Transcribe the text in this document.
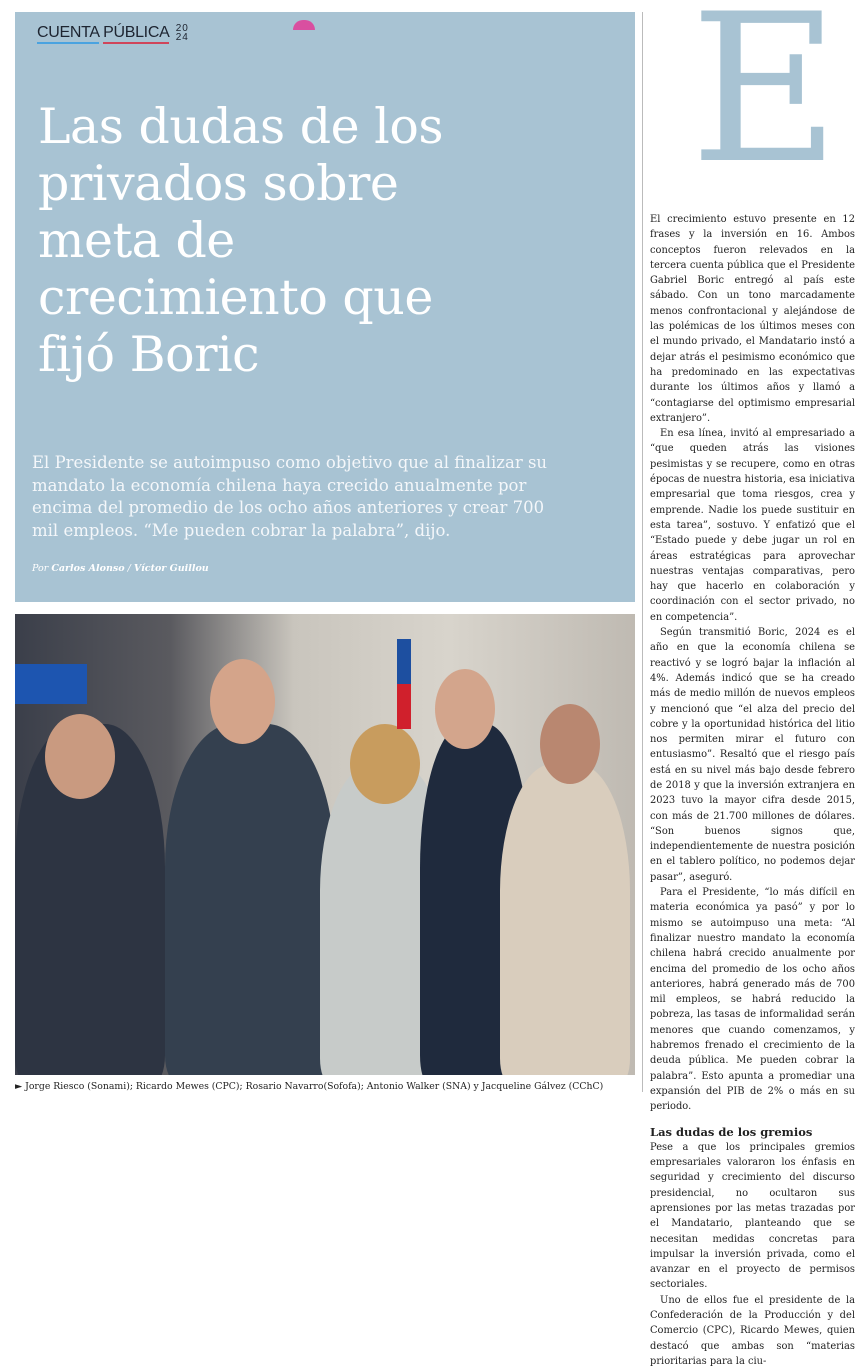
CUENTA PÚBLICA 20
24
Las dudas de los
privados sobre
meta de
crecimiento que
fijó Boric
El Presidente se autoimpuso como objetivo que al finalizar su
mandato la economía chilena haya crecido anualmente por
encima del promedio de los ocho años anteriores y crear 700
mil empleos. “Me pueden cobrar la palabra”, dijo.
Por Carlos Alonso / Víctor Guillou
► Jorge Riesco (Sonami); Ricardo Mewes (CPC); Rosario Navarro(Sofofa); Antonio Walker (SNA) y Jacqueline Gálvez (CChC)
E

El crecimiento estuvo presente en 12 frases y la inversión en 16. Ambos conceptos fueron relevados en la tercera cuenta pública que el Presidente Gabriel Boric entregó al país este sábado. Con un tono marcadamente menos confrontacional y alejándose de las polémicas de los últimos meses con el mundo privado, el Mandatario instó a dejar atrás el pesimismo económico que ha predominado en las expectativas durante los últimos años y llamó a “contagiarse del optimismo empresarial extranjero”.

En esa línea, invitó al empresariado a “que queden atrás las visiones pesimistas y se recupere, como en otras épocas de nuestra historia, esa iniciativa empresarial que toma riesgos, crea y emprende. Nadie los puede sustituir en esta tarea”, sostuvo. Y enfatizó que el “Estado puede y debe jugar un rol en áreas estratégicas para aprovechar nuestras ventajas comparativas, pero hay que hacerlo en colaboración y coordinación con el sector privado, no en competencia”.

Según transmitió Boric, 2024 es el año en que la economía chilena se reactivó y se logró bajar la inflación al 4%. Además indicó que se ha creado más de medio millón de nuevos empleos y mencionó que “el alza del precio del cobre y la oportunidad histórica del litio nos permiten mirar el futuro con entusiasmo”. Resaltó que el riesgo país está en su nivel más bajo desde febrero de 2018 y que la inversión extranjera en 2023 tuvo la mayor cifra desde 2015, con más de 21.700 millones de dólares. “Son buenos signos que, independientemente de nuestra posición en el tablero político, no podemos dejar pasar”, aseguró.

Para el Presidente, “lo más difícil en materia económica ya pasó” y por lo mismo se autoimpuso una meta: “Al finalizar nuestro mandato la economía chilena habrá crecido anualmente por encima del promedio de los ocho años anteriores, habrá generado más de 700 mil empleos, se habrá reducido la pobreza, las tasas de informalidad serán menores que cuando comenzamos, y habremos frenado el crecimiento de la deuda pública. Me pueden cobrar la palabra”. Esto apunta a promediar una expansión del PIB de 2% o más en su periodo.

Las dudas de los gremios

Pese a que los principales gremios empresariales valoraron los énfasis en seguridad y crecimiento del discurso presidencial, no ocultaron sus aprensiones por las metas trazadas por el Mandatario, planteando que se necesitan medidas concretas para impulsar la inversión privada, como el avanzar en el proyecto de permisos sectoriales.

Uno de ellos fue el presidente de la Confederación de la Producción y del Comercio (CPC), Ricardo Mewes, quien destacó que ambas son “materias prioritarias para la ciu-
